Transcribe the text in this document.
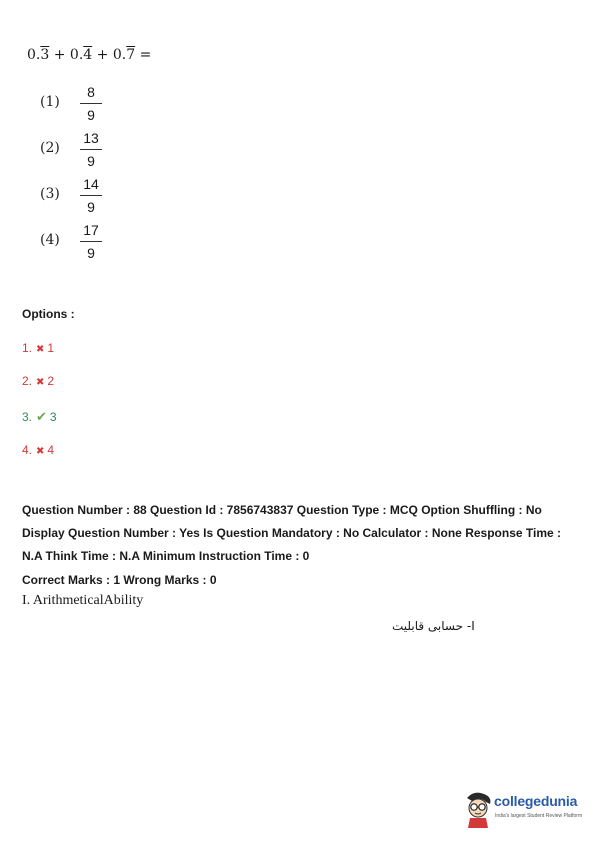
0.3 + 0.4 + 0.7 =
(1)
8
9
(2)
13
9
(3)
14
9
(4)
17
9
Options :
1. ✖ 1
2. ✖ 2
3. ✔ 3
4. ✖ 4
Question Number : 88 Question Id : 7856743837 Question Type : MCQ Option Shuffling : No Display Question Number : Yes Is Question Mandatory : No Calculator : None Response Time : N.A Think Time : N.A Minimum Instruction Time : 0
Correct Marks : 1 Wrong Marks : 0
I. ArithmeticalAbility
I- حسابی قابلیت
collegedunia
India's largest Student Review Platform
